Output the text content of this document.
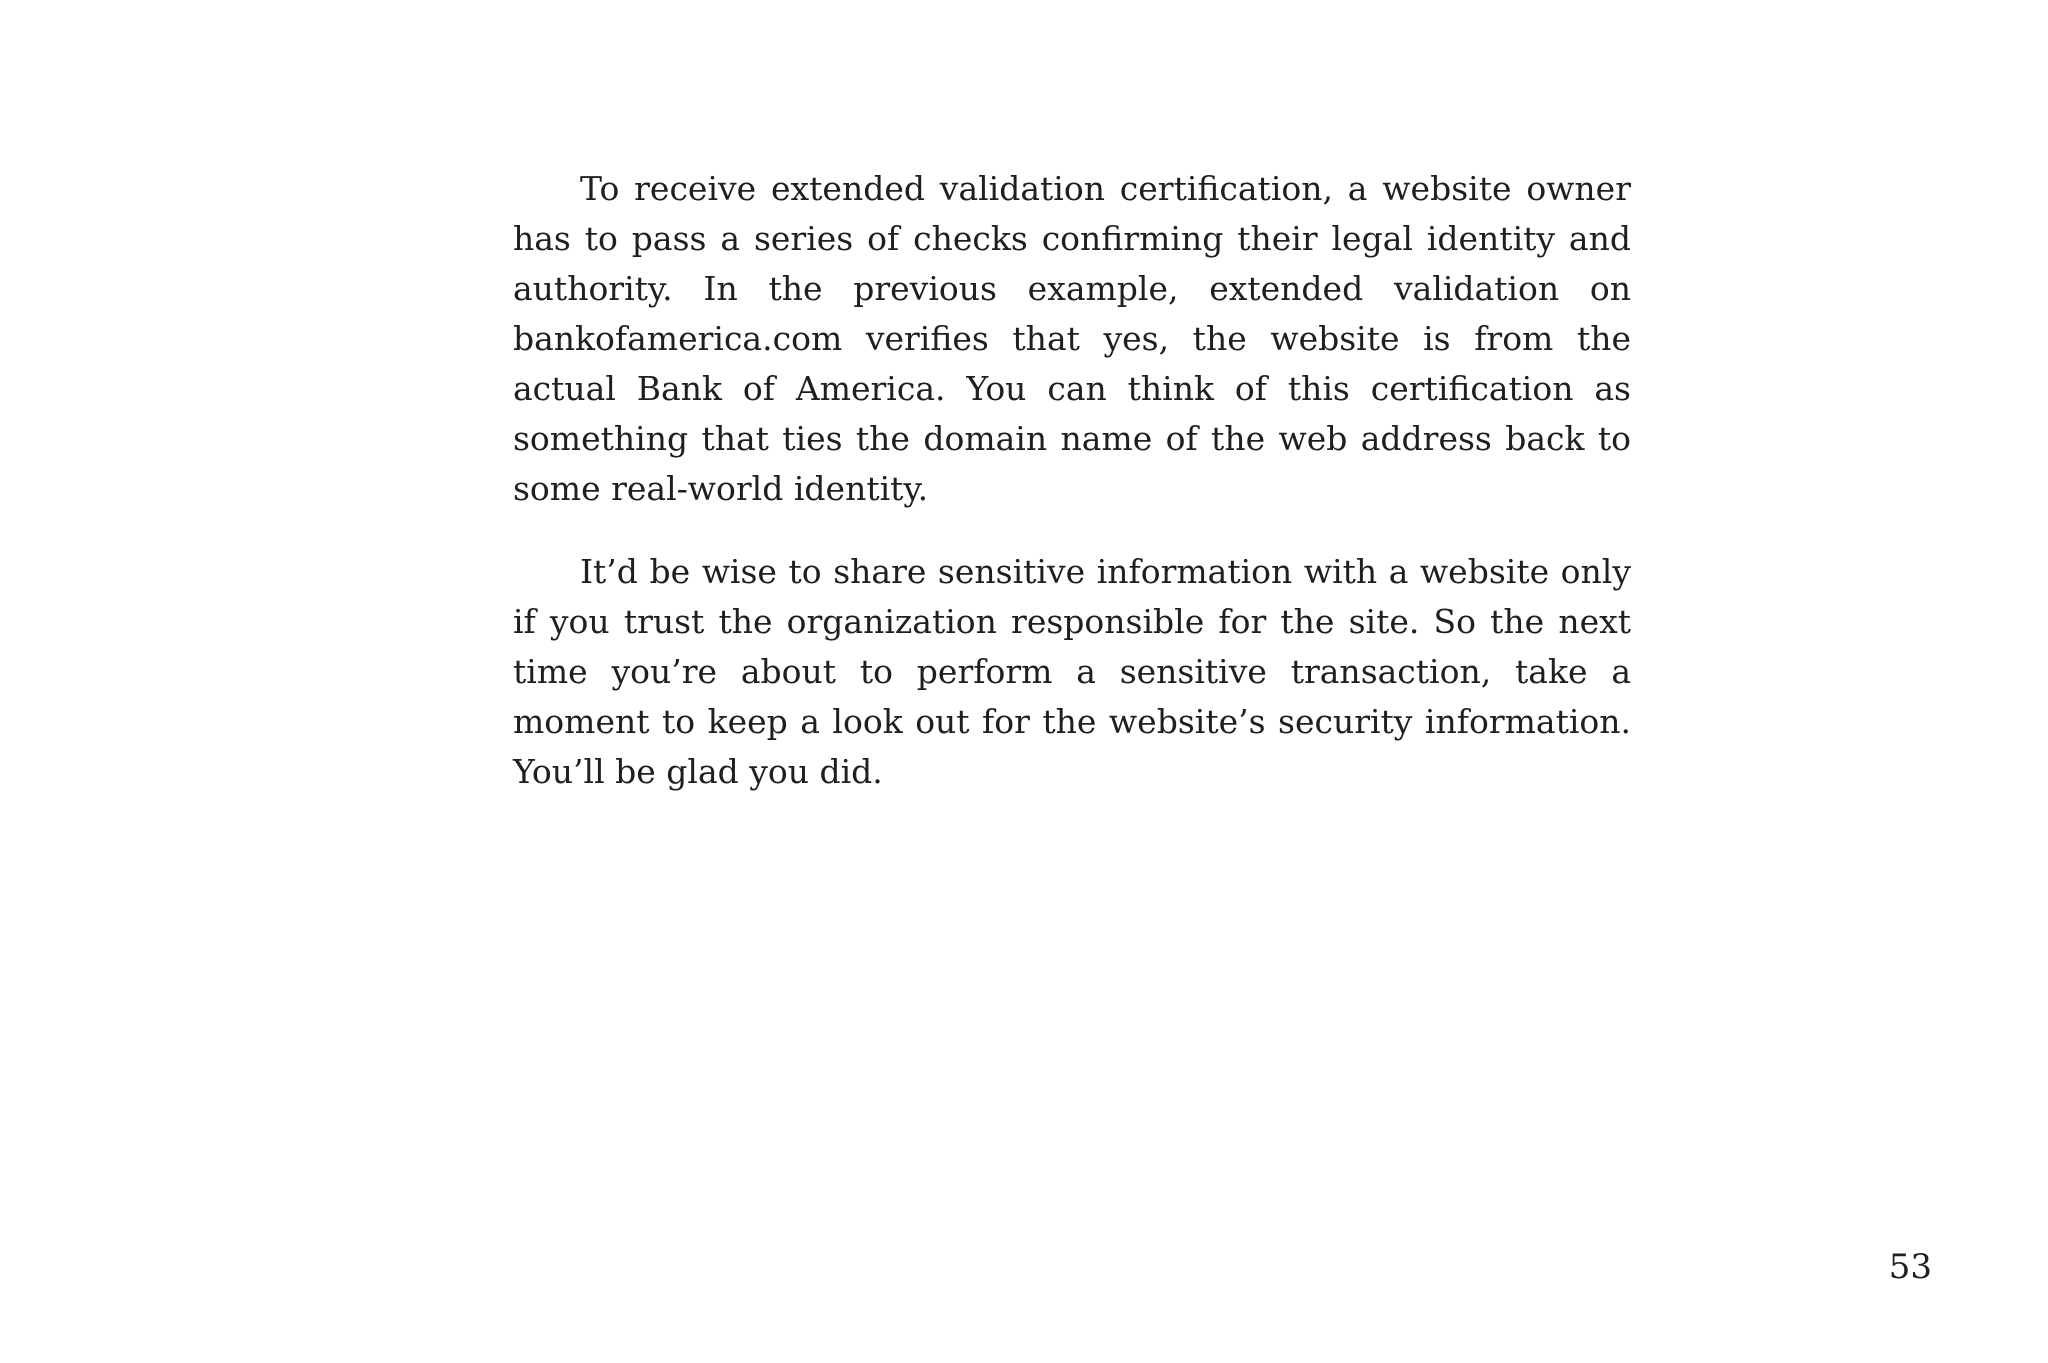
To receive extended validation certification, a website owner has to pass a series of checks confirming their legal identity and authority. In the previous example, extended validation on bankofamerica.com verifies that yes, the website is from the actual Bank of America. You can think of this certification as something that ties the domain name of the web address back to some real-world identity.

It’d be wise to share sensitive information with a website only if you trust the organization responsible for the site. So the next time you’re about to perform a sensitive transaction, take a moment to keep a look out for the website’s security information. You’ll be glad you did.

53
